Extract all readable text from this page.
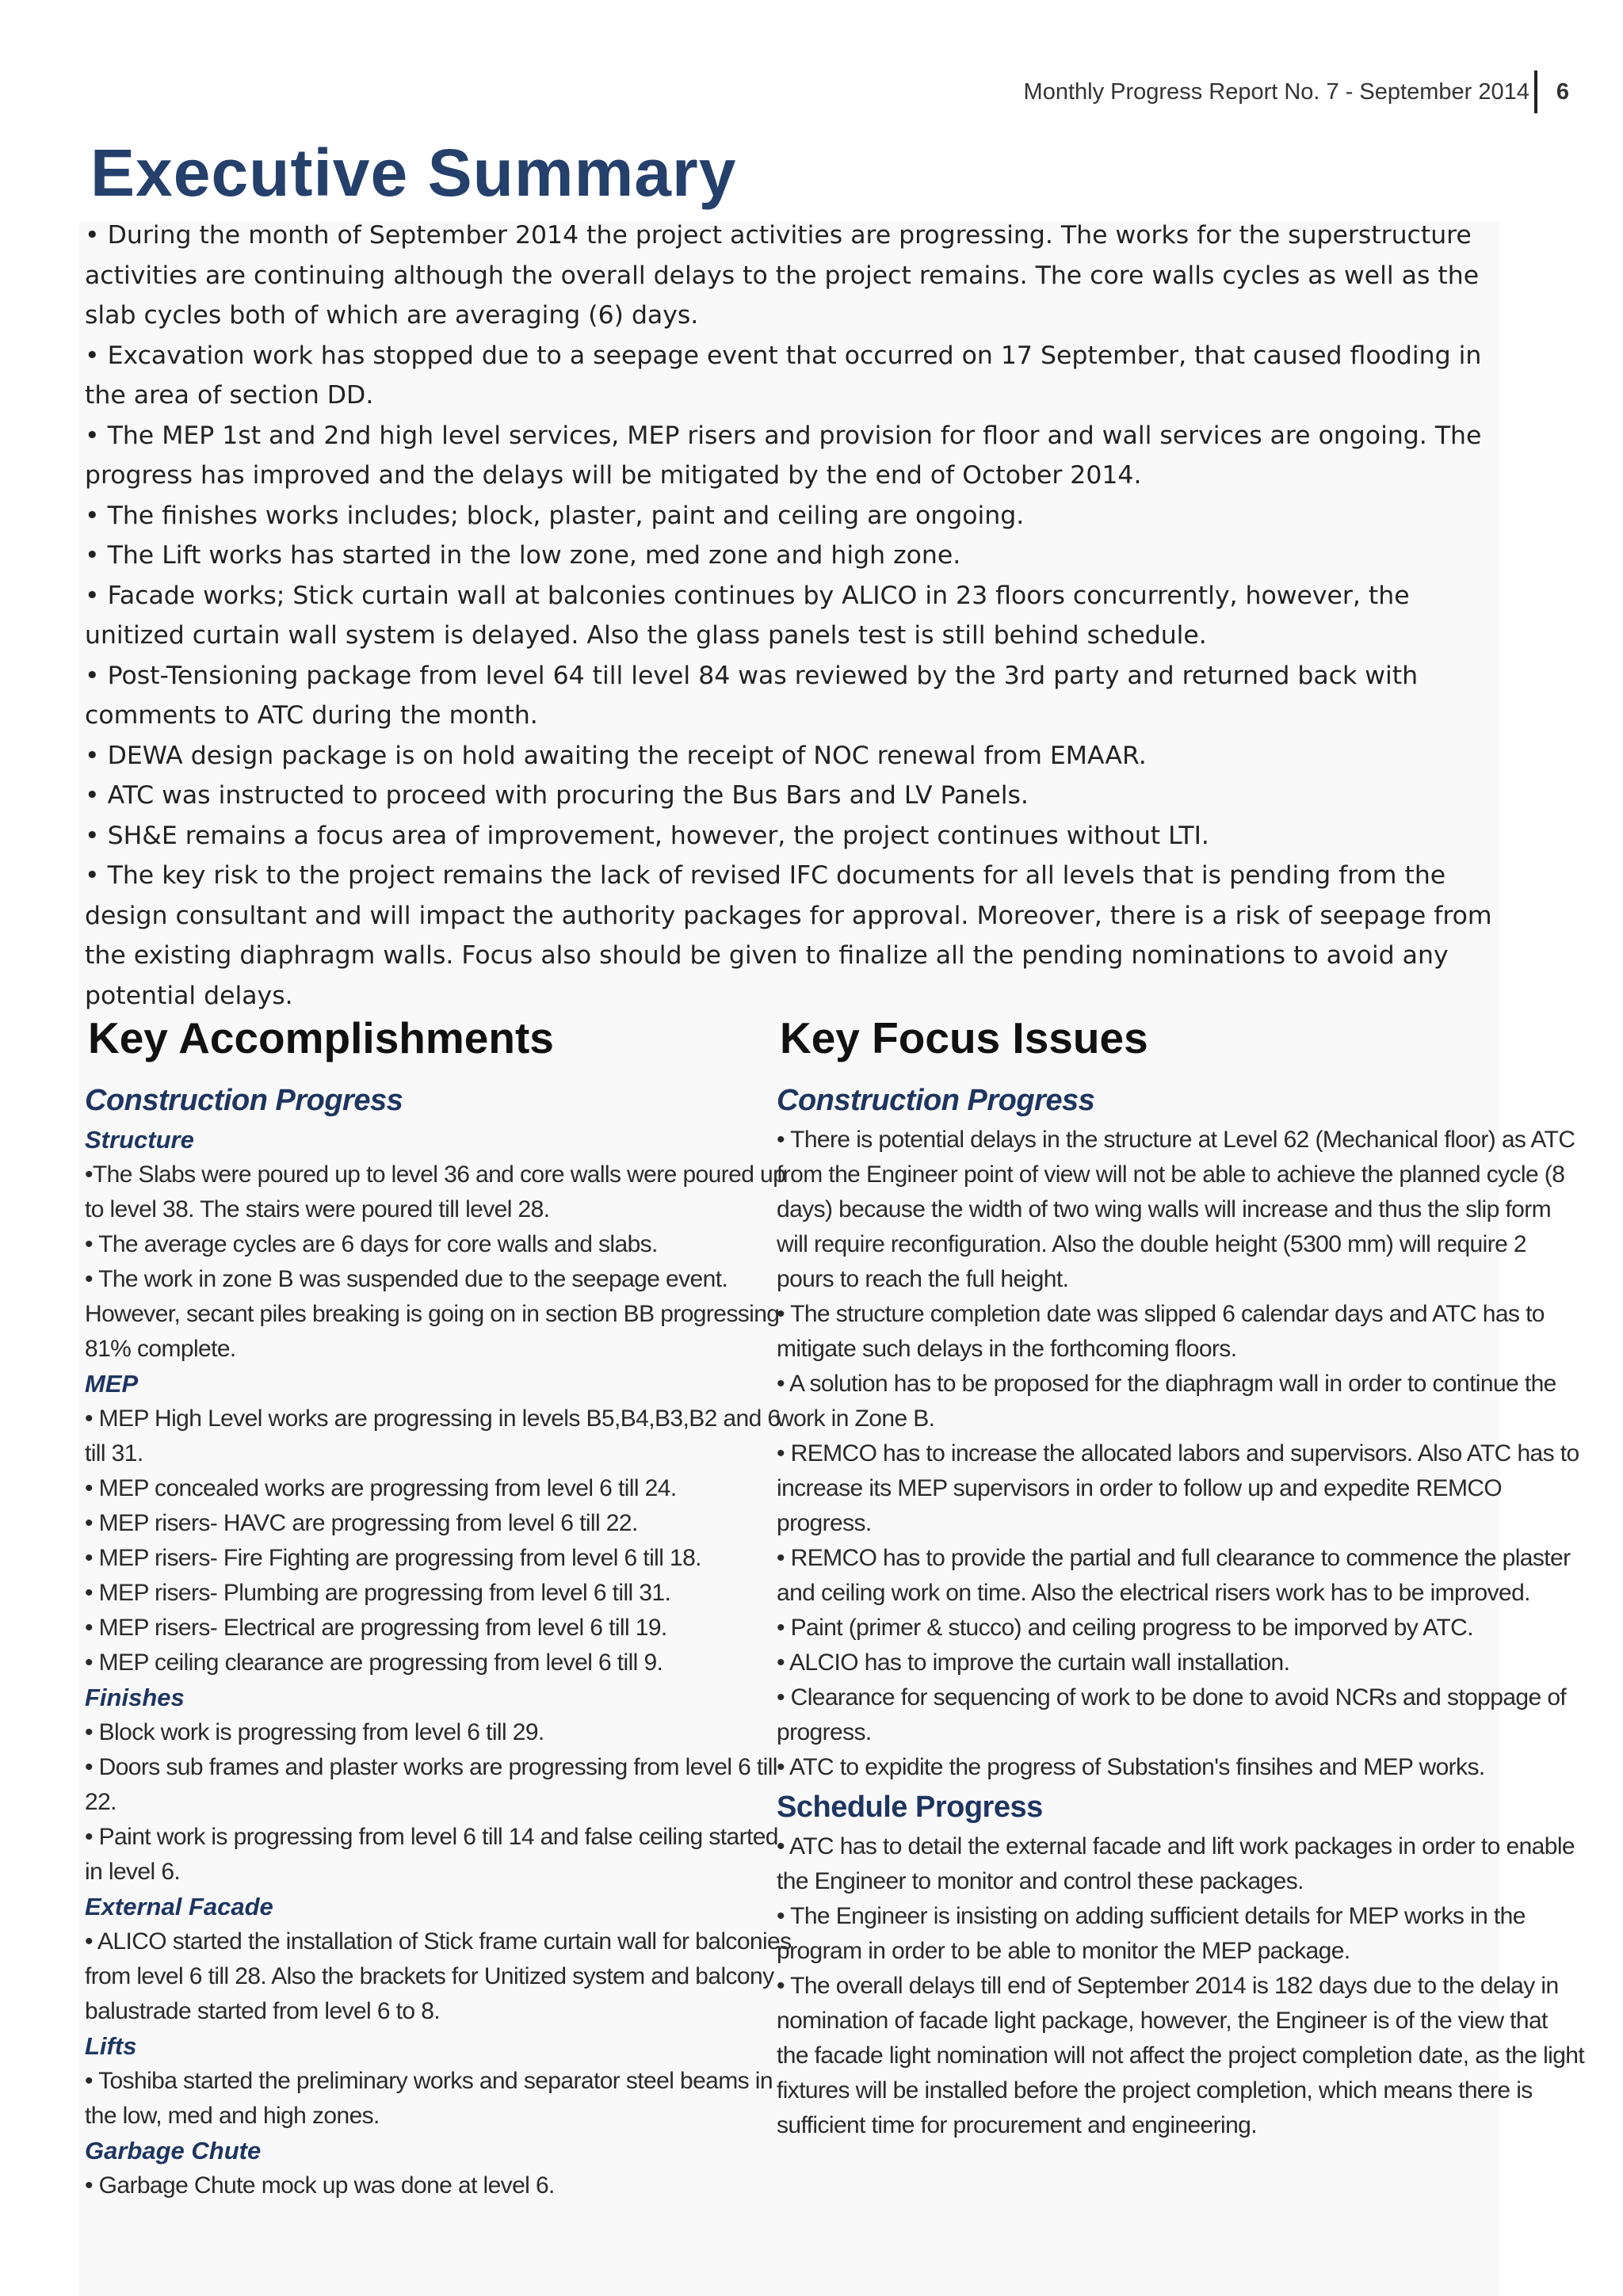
Monthly Progress Report No. 7 - September 2014 6
Executive Summary

• During the month of September 2014 the project activities are progressing. The works for the superstructure activities are continuing although the overall delays to the project remains. The core walls cycles as well as the slab cycles both of which are averaging (6) days.

• Excavation work has stopped due to a seepage event that occurred on 17 September, that caused flooding in the area of section DD.

• The MEP 1st and 2nd high level services, MEP risers and provision for floor and wall services are ongoing. The progress has improved and the delays will be mitigated by the end of October 2014.

• The finishes works includes; block, plaster, paint and ceiling are ongoing.

• The Lift works has started in the low zone, med zone and high zone.

• Facade works; Stick curtain wall at balconies continues by ALICO in 23 floors concurrently, however, the unitized curtain wall system is delayed. Also the glass panels test is still behind schedule.

• Post-Tensioning package from level 64 till level 84 was reviewed by the 3rd party and returned back with comments to ATC during the month.

• DEWA design package is on hold awaiting the receipt of NOC renewal from EMAAR.

• ATC was instructed to proceed with procuring the Bus Bars and LV Panels.

• SH&E remains a focus area of improvement, however, the project continues without LTI.

• The key risk to the project remains the lack of revised IFC documents for all levels that is pending from the design consultant and will impact the authority packages for approval. Moreover, there is a risk of seepage from the existing diaphragm walls. Focus also should be given to finalize all the pending nominations to avoid any potential delays.

Key Accomplishments
Construction Progress
Structure

•The Slabs were poured up to level 36 and core walls were poured up to level 38. The stairs were poured till level 28.

• The average cycles are 6 days for core walls and slabs.

• The work in zone B was suspended due to the seepage event. However, secant piles breaking is going on in section BB progressing 81% complete.

MEP

• MEP High Level works are progressing in levels B5,B4,B3,B2 and 6 till 31.

• MEP concealed works are progressing from level 6 till 24.

• MEP risers- HAVC are progressing from level 6 till 22.

• MEP risers- Fire Fighting are progressing from level 6 till 18.

• MEP risers- Plumbing are progressing from level 6 till 31.

• MEP risers- Electrical are progressing from level 6 till 19.

• MEP ceiling clearance are progressing from level 6 till 9.

Finishes

• Block work is progressing from level 6 till 29.

• Doors sub frames and plaster works are progressing from level 6 till 22.

• Paint work is progressing from level 6 till 14 and false ceiling started in level 6.

External Facade

• ALICO started the installation of Stick frame curtain wall for balconies from level 6 till 28. Also the brackets for Unitized system and balcony balustrade started from level 6 to 8.

Lifts

• Toshiba started the preliminary works and separator steel beams in the low, med and high zones.

Garbage Chute

• Garbage Chute mock up was done at level 6.

Key Focus Issues
Construction Progress

• There is potential delays in the structure at Level 62 (Mechanical floor) as ATC from the Engineer point of view will not be able to achieve the planned cycle (8 days) because the width of two wing walls will increase and thus the slip form will require reconfiguration. Also the double height (5300 mm) will require 2 pours to reach the full height.

• The structure completion date was slipped 6 calendar days and ATC has to mitigate such delays in the forthcoming floors.

• A solution has to be proposed for the diaphragm wall in order to continue the work in Zone B.

• REMCO has to increase the allocated labors and supervisors. Also ATC has to increase its MEP supervisors in order to follow up and expedite REMCO progress.

• REMCO has to provide the partial and full clearance to commence the plaster and ceiling work on time. Also the electrical risers work has to be improved.

• Paint (primer & stucco) and ceiling progress to be imporved by ATC.

• ALCIO has to improve the curtain wall installation.

• Clearance for sequencing of work to be done to avoid NCRs and stoppage of progress.

• ATC to expidite the progress of Substation's finsihes and MEP works.

Schedule Progress

• ATC has to detail the external facade and lift work packages in order to enable the Engineer to monitor and control these packages.

• The Engineer is insisting on adding sufficient details for MEP works in the program in order to be able to monitor the MEP package.

• The overall delays till end of September 2014 is 182 days due to the delay in nomination of facade light package, however, the Engineer is of the view that the facade light nomination will not affect the project completion date, as the light fixtures will be installed before the project completion, which means there is sufficient time for procurement and engineering.
